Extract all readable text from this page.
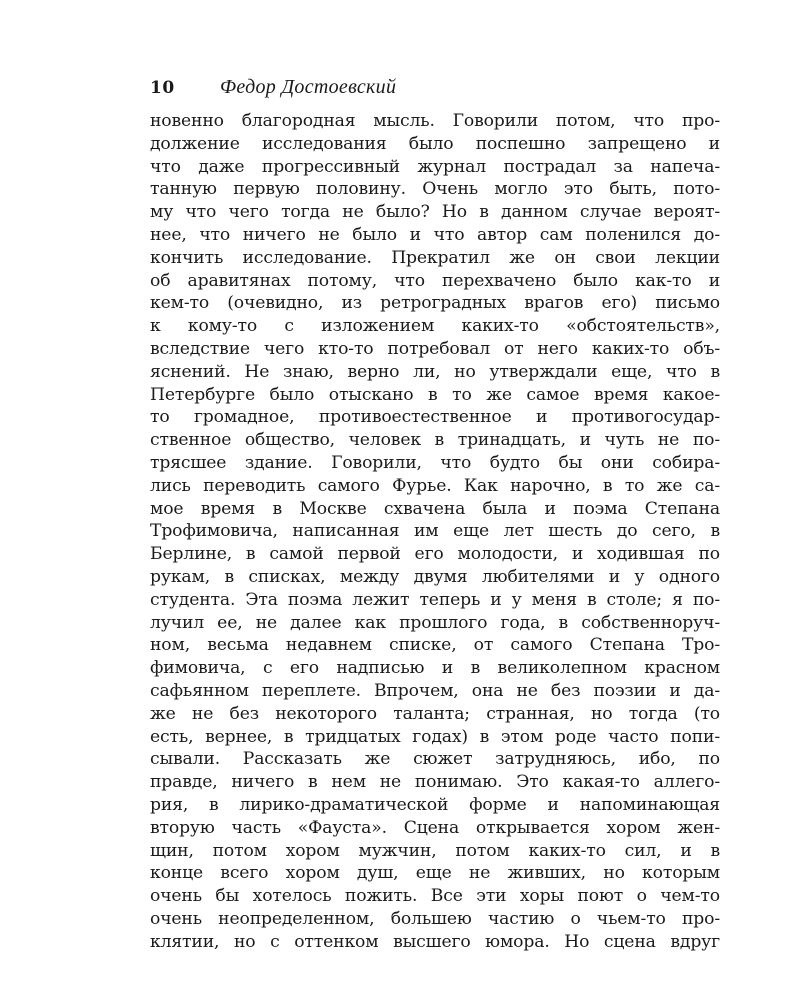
10	Федор Достоевский
новенно благородная мысль. Говорили потом, что про-
должение исследования было поспешно запрещено и
что даже прогрессивный журнал пострадал за напеча-
танную первую половину. Очень могло это быть, пото-
му что чего тогда не было? Но в данном случае вероят-
нее, что ничего не было и что автор сам поленился до-
кончить исследование. Прекратил же он свои лекции
об аравитянах потому, что перехвачено было как-то и
кем-то (очевидно, из ретроградных врагов его) письмо
к кому-то с изложением каких-то «обстоятельств»,
вследствие чего кто-то потребовал от него каких-то объ-
яснений. Не знаю, верно ли, но утверждали еще, что в
Петербурге было отыскано в то же самое время какое-
то громадное, противоестественное и противогосудар-
ственное общество, человек в тринадцать, и чуть не по-
трясшее здание. Говорили, что будто бы они собира-
лись переводить самого Фурье. Как нарочно, в то же са-
мое время в Москве схвачена была и поэма Степана
Трофимовича, написанная им еще лет шесть до сего, в
Берлине, в самой первой его молодости, и ходившая по
рукам, в списках, между двумя любителями и у одного
студента. Эта поэма лежит теперь и у меня в столе; я по-
лучил ее, не далее как прошлого года, в собственноруч-
ном, весьма недавнем списке, от самого Степана Тро-
фимовича, с его надписью и в великолепном красном
сафьянном переплете. Впрочем, она не без поэзии и да-
же не без некоторого таланта; странная, но тогда (то
есть, вернее, в тридцатых годах) в этом роде часто попи-
сывали. Рассказать же сюжет затрудняюсь, ибо, по
правде, ничего в нем не понимаю. Это какая-то аллего-
рия, в лирико-драматической форме и напоминающая
вторую часть «Фауста». Сцена открывается хором жен-
щин, потом хором мужчин, потом каких-то сил, и в
конце всего хором душ, еще не живших, но которым
очень бы хотелось пожить. Все эти хоры поют о чем-то
очень неопределенном, большею частию о чьем-то про-
клятии, но с оттенком высшего юмора. Но сцена вдруг
